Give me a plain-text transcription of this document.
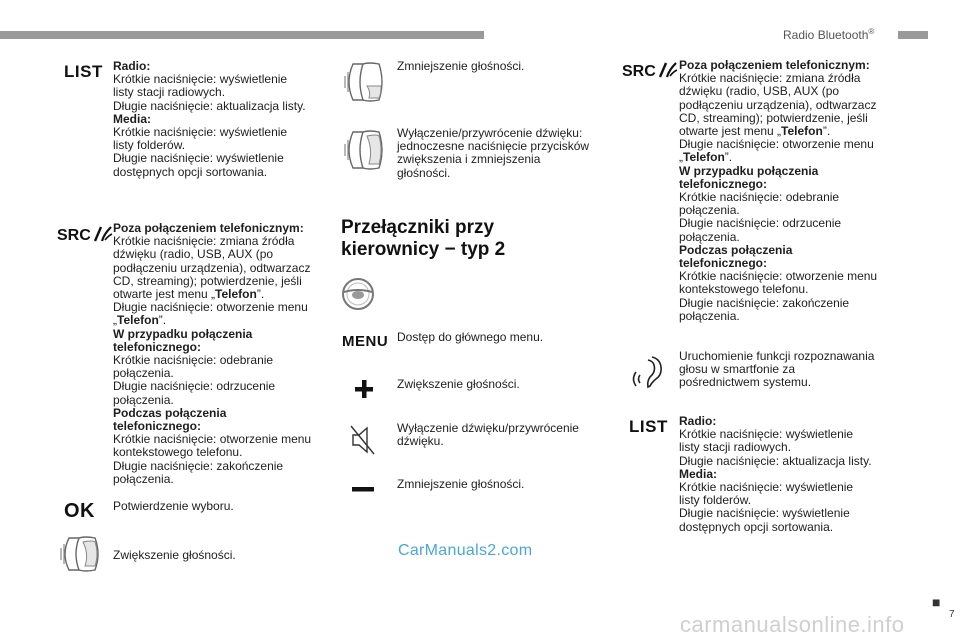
Radio Bluetooth®
■
7
LIST Radio:
Krótkie naciśnięcie: wyświetlenie
listy stacji radiowych.
Długie naciśnięcie: aktualizacja listy.
Media:
Krótkie naciśnięcie: wyświetlenie
listy folderów.
Długie naciśnięcie: wyświetlenie
dostępnych opcji sortowania.
SRC	Poza połączeniem telefonicznym:
Krótkie naciśnięcie: zmiana źródła
dźwięku (radio, USB, AUX (po
podłączeniu urządzenia), odtwarzacz
CD, streaming); potwierdzenie, jeśli
otwarte jest menu „Telefon”.
Długie naciśnięcie: otworzenie menu
„Telefon”.
W przypadku połączenia
telefonicznego:
Krótkie naciśnięcie: odebranie
połączenia.
Długie naciśnięcie: odrzucenie
połączenia.
Podczas połączenia
telefonicznego:
Krótkie naciśnięcie: otworzenie menu
kontekstowego telefonu.
Długie naciśnięcie: zakończenie
połączenia.
OK Potwierdzenie wyboru.
Zwiększenie głośności.
Zmniejszenie głośności.
Wyłączenie/przywrócenie dźwięku:
jednoczesne naciśnięcie przycisków
zwiększenia i zmniejszenia
głośności.
Przełączniki przy
kierownicy − typ 2
MENU Dostęp do głównego menu.
Zwiększenie głośności.
Wyłączenie dźwięku/przywrócenie
dźwięku.
Zmniejszenie głośności.
SRC	Poza połączeniem telefonicznym:
Krótkie naciśnięcie: zmiana źródła
dźwięku (radio, USB, AUX (po
podłączeniu urządzenia), odtwarzacz
CD, streaming); potwierdzenie, jeśli
otwarte jest menu „Telefon”.
Długie naciśnięcie: otworzenie menu
„Telefon”.
W przypadku połączenia
telefonicznego:
Krótkie naciśnięcie: odebranie
połączenia.
Długie naciśnięcie: odrzucenie
połączenia.
Podczas połączenia
telefonicznego:
Krótkie naciśnięcie: otworzenie menu
kontekstowego telefonu.
Długie naciśnięcie: zakończenie
połączenia.
Uruchomienie funkcji rozpoznawania
głosu w smartfonie za
pośrednictwem systemu.
LIST Radio:
Krótkie naciśnięcie: wyświetlenie
listy stacji radiowych.
Długie naciśnięcie: aktualizacja listy.
Media:
Krótkie naciśnięcie: wyświetlenie
listy folderów.
Długie naciśnięcie: wyświetlenie
dostępnych opcji sortowania.
CarManuals2.com
carmanualsonline.info
